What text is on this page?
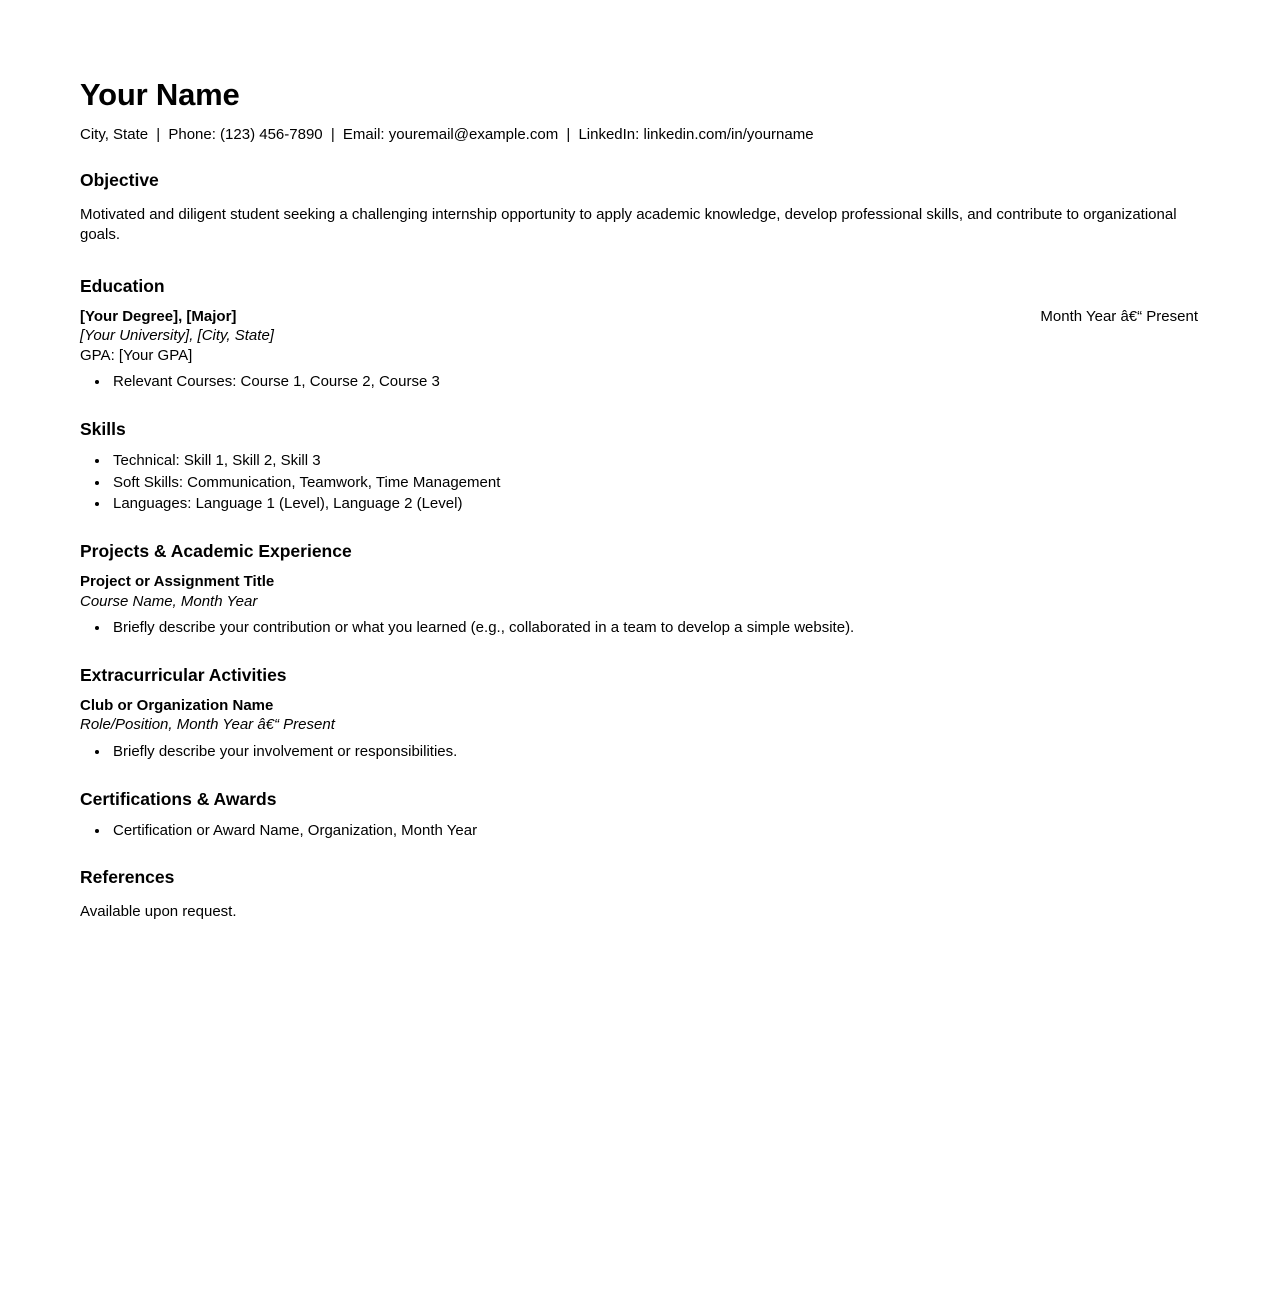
Your Name
City, State | Phone: (123) 456-7890 | Email: youremail@example.com | LinkedIn: linkedin.com/in/yourname
Objective

Motivated and diligent student seeking a challenging internship opportunity to apply academic knowledge, develop professional skills, and contribute to organizational goals.

Education
[Your Degree], [Major]	Month Year â€“ Present
[Your University], [City, State]
GPA: [Your GPA]
• Relevant Courses: Course 1, Course 2, Course 3
Skills
• Technical: Skill 1, Skill 2, Skill 3
• Soft Skills: Communication, Teamwork, Time Management
• Languages: Language 1 (Level), Language 2 (Level)
Projects & Academic Experience
Project or Assignment Title
Course Name, Month Year
• Briefly describe your contribution or what you learned (e.g., collaborated in a team to develop a simple website).
Extracurricular Activities
Club or Organization Name
Role/Position, Month Year â€“ Present
• Briefly describe your involvement or responsibilities.
Certifications & Awards
• Certification or Award Name, Organization, Month Year
References

Available upon request.
